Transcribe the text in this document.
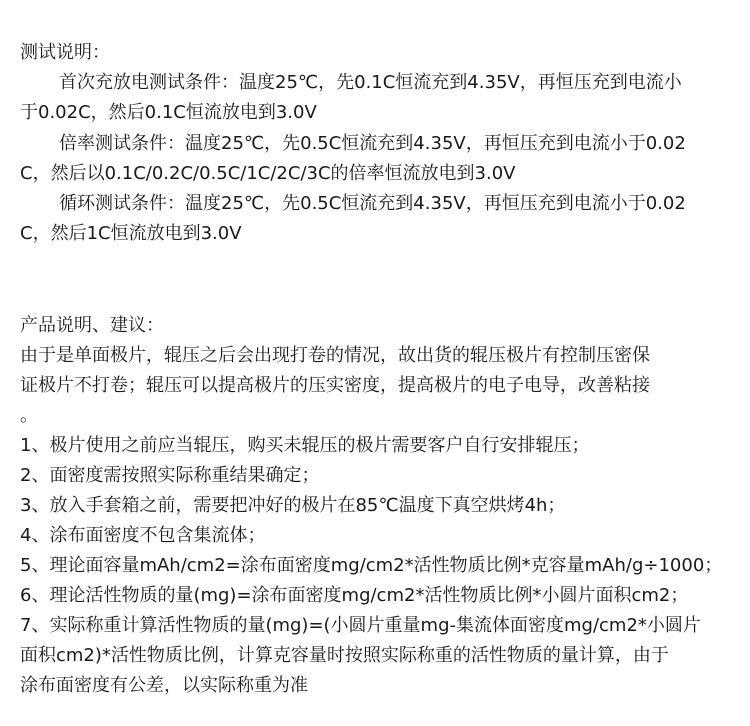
测试说明：
首次充放电测试条件：温度25℃，先0.1C恒流充到4.35V，再恒压充到电流小
于0.02C，然后0.1C恒流放电到3.0V
倍率测试条件：温度25℃，先0.5C恒流充到4.35V，再恒压充到电流小于0.02
C，然后以0.1C/0.2C/0.5C/1C/2C/3C的倍率恒流放电到3.0V
循环测试条件：温度25℃，先0.5C恒流充到4.35V，再恒压充到电流小于0.02
C，然后1C恒流放电到3.0V
产品说明、建议：
由于是单面极片，辊压之后会出现打卷的情况，故出货的辊压极片有控制压密保
证极片不打卷；辊压可以提高极片的压实密度，提高极片的电子电导，改善粘接
。
1、极片使用之前应当辊压，购买未辊压的极片需要客户自行安排辊压；
2、面密度需按照实际称重结果确定；
3、放入手套箱之前，需要把冲好的极片在85℃温度下真空烘烤4h；
4、涂布面密度不包含集流体；
5、理论面容量mAh/cm2=涂布面密度mg/cm2*活性物质比例*克容量mAh/g÷1000；
6、理论活性物质的量(mg)=涂布面密度mg/cm2*活性物质比例*小圆片面积cm2；
7、实际称重计算活性物质的量(mg)=(小圆片重量mg-集流体面密度mg/cm2*小圆片
面积cm2)*活性物质比例，计算克容量时按照实际称重的活性物质的量计算，由于
涂布面密度有公差，以实际称重为准
